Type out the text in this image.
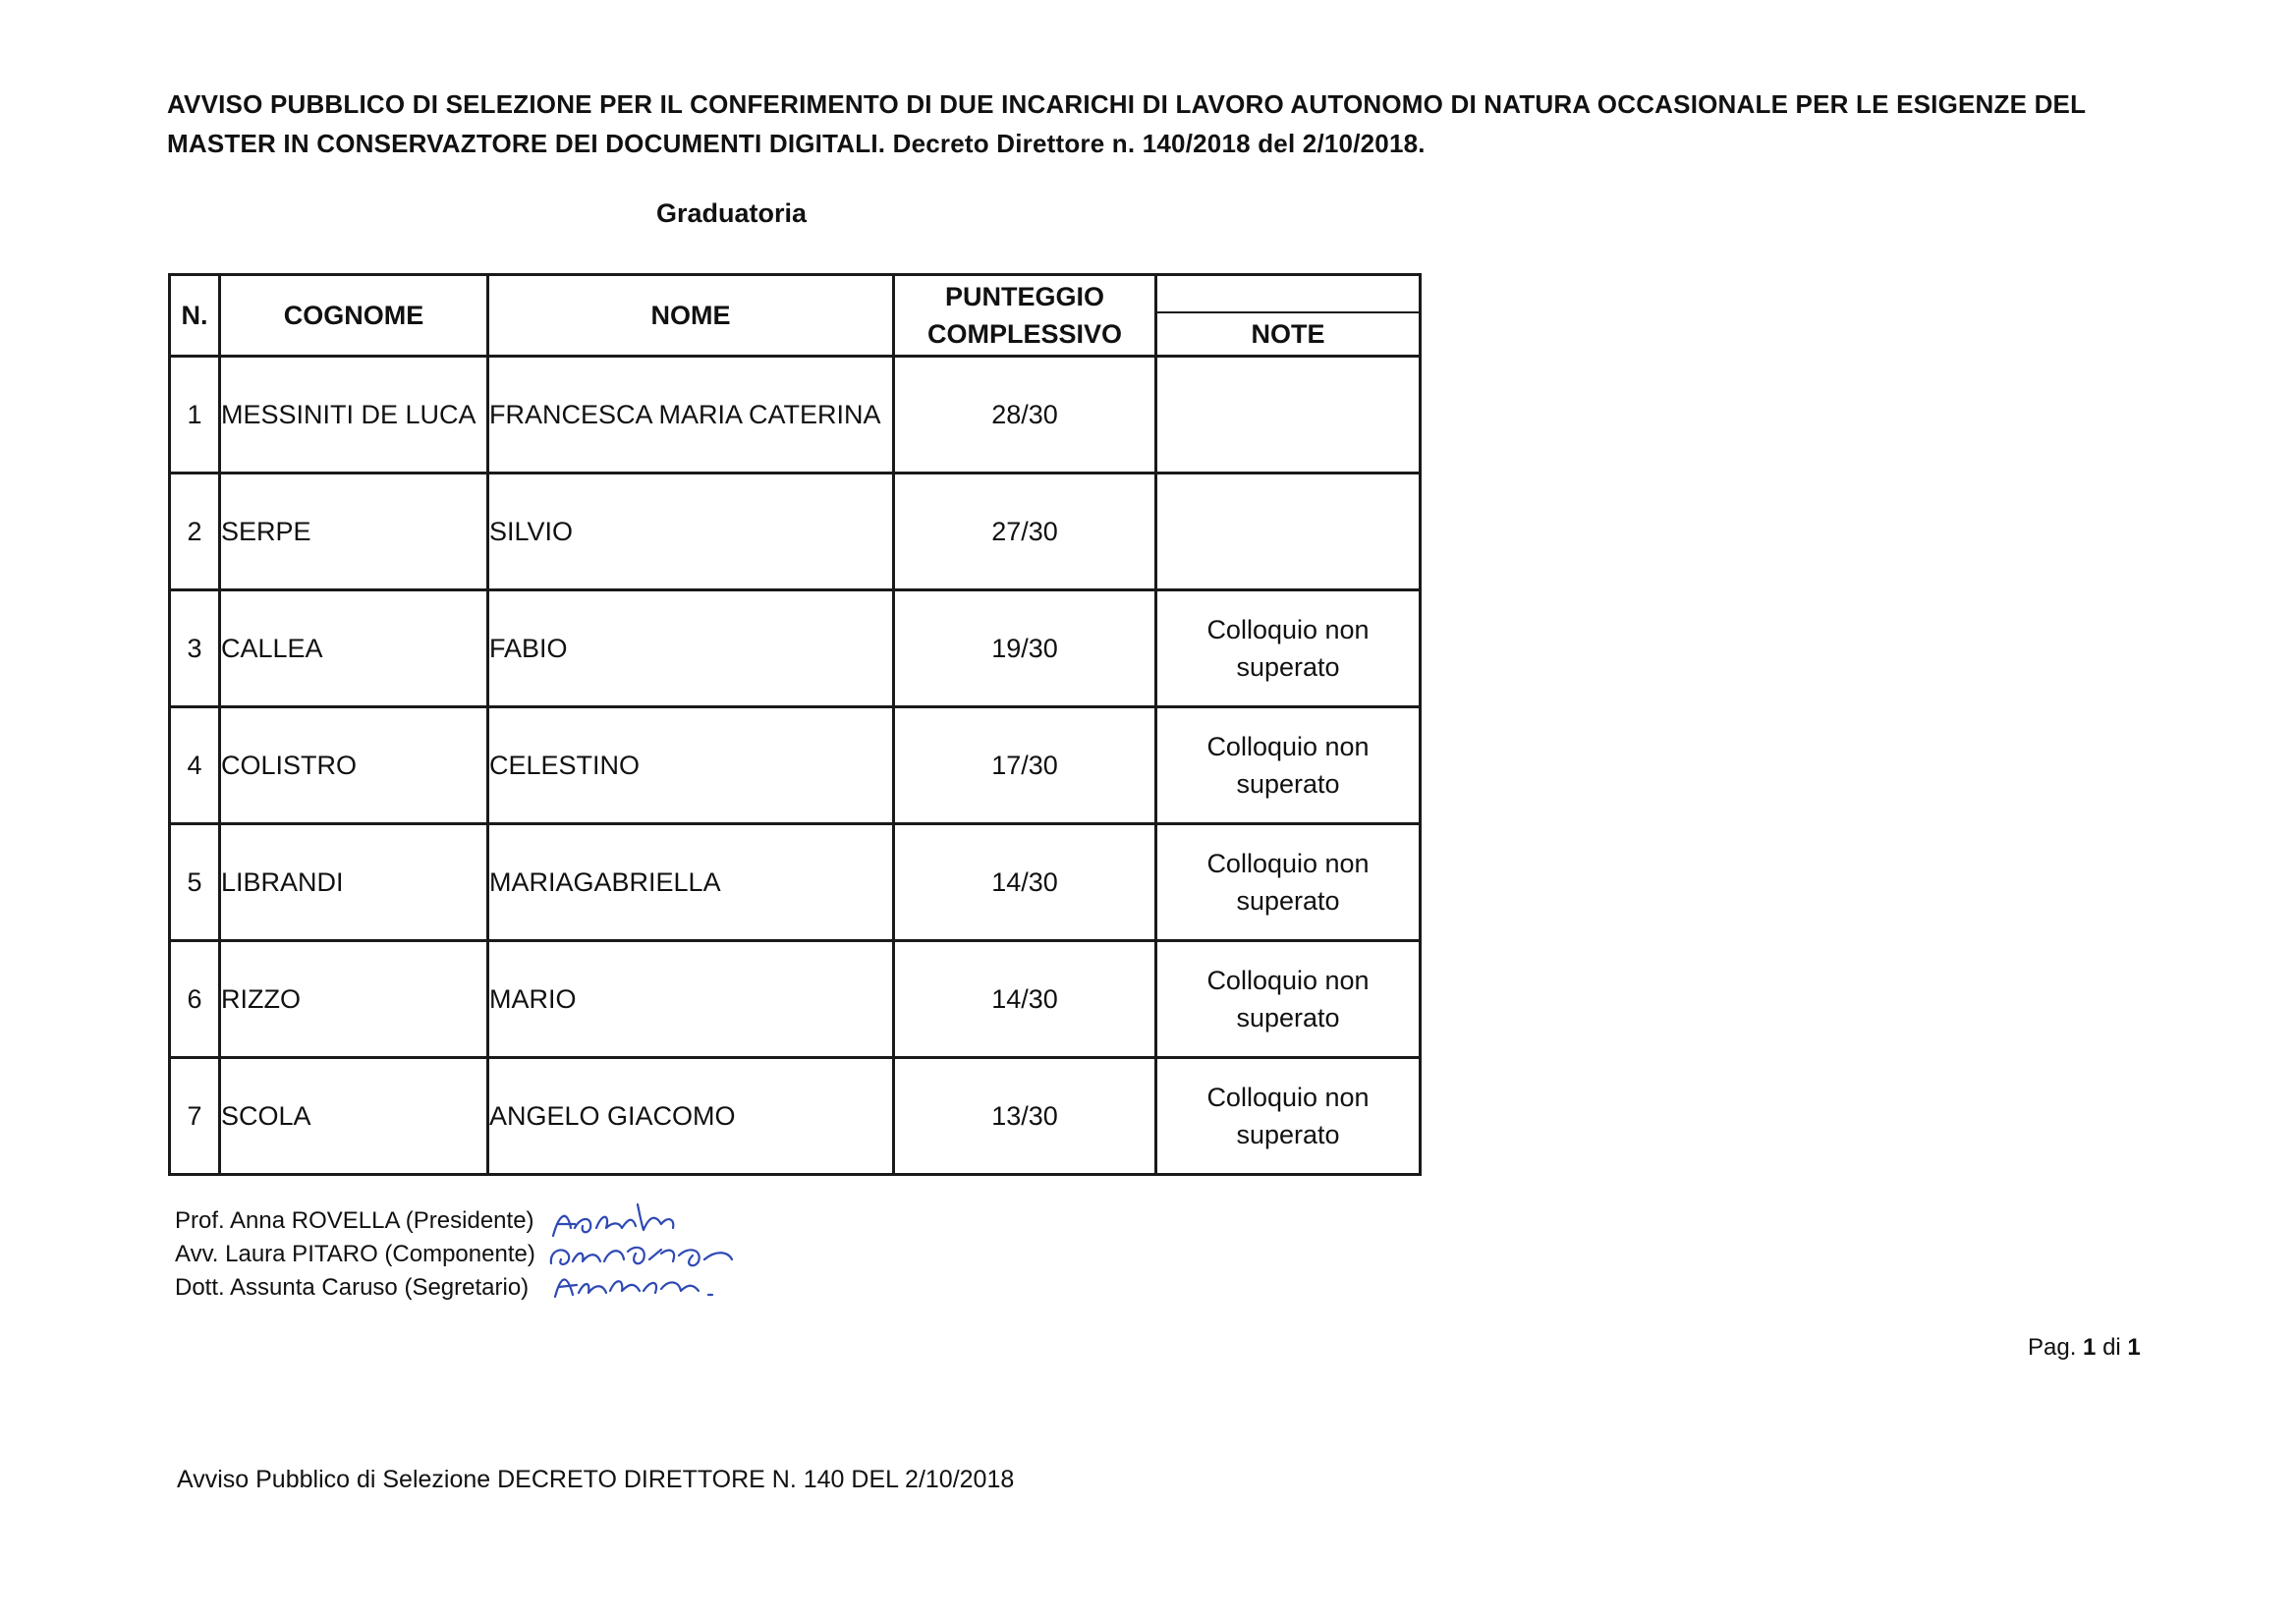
AVVISO PUBBLICO DI SELEZIONE PER IL CONFERIMENTO DI DUE INCARICHI DI LAVORO AUTONOMO DI NATURA OCCASIONALE PER LE ESIGENZE DEL
MASTER IN CONSERVAZTORE DEI DOCUMENTI DIGITALI. Decreto Direttore n. 140/2018 del 2/10/2018.
Graduatoria
N.	COGNOME	NOME	PUNTEGGIO
COMPLESSIVO	NOTE

1	MESSINITI DE LUCA	FRANCESCA MARIA CATERINA	28/30	

2	SERPE	SILVIO	27/30	

3	CALLEA	FABIO	19/30	Colloquio non
superato
4	COLISTRO	CELESTINO	17/30	Colloquio non
superato
5	LIBRANDI	MARIAGABRIELLA	14/30	Colloquio non
superato
6	RIZZO	MARIO	14/30	Colloquio non
superato
7	SCOLA	ANGELO GIACOMO	13/30	Colloquio non
superato
Prof. Anna ROVELLA (Presidente)
Avv. Laura PITARO (Componente)
Dott. Assunta Caruso (Segretario)
Pag. 1 di 1
Avviso Pubblico di Selezione DECRETO DIRETTORE N. 140 DEL 2/10/2018
